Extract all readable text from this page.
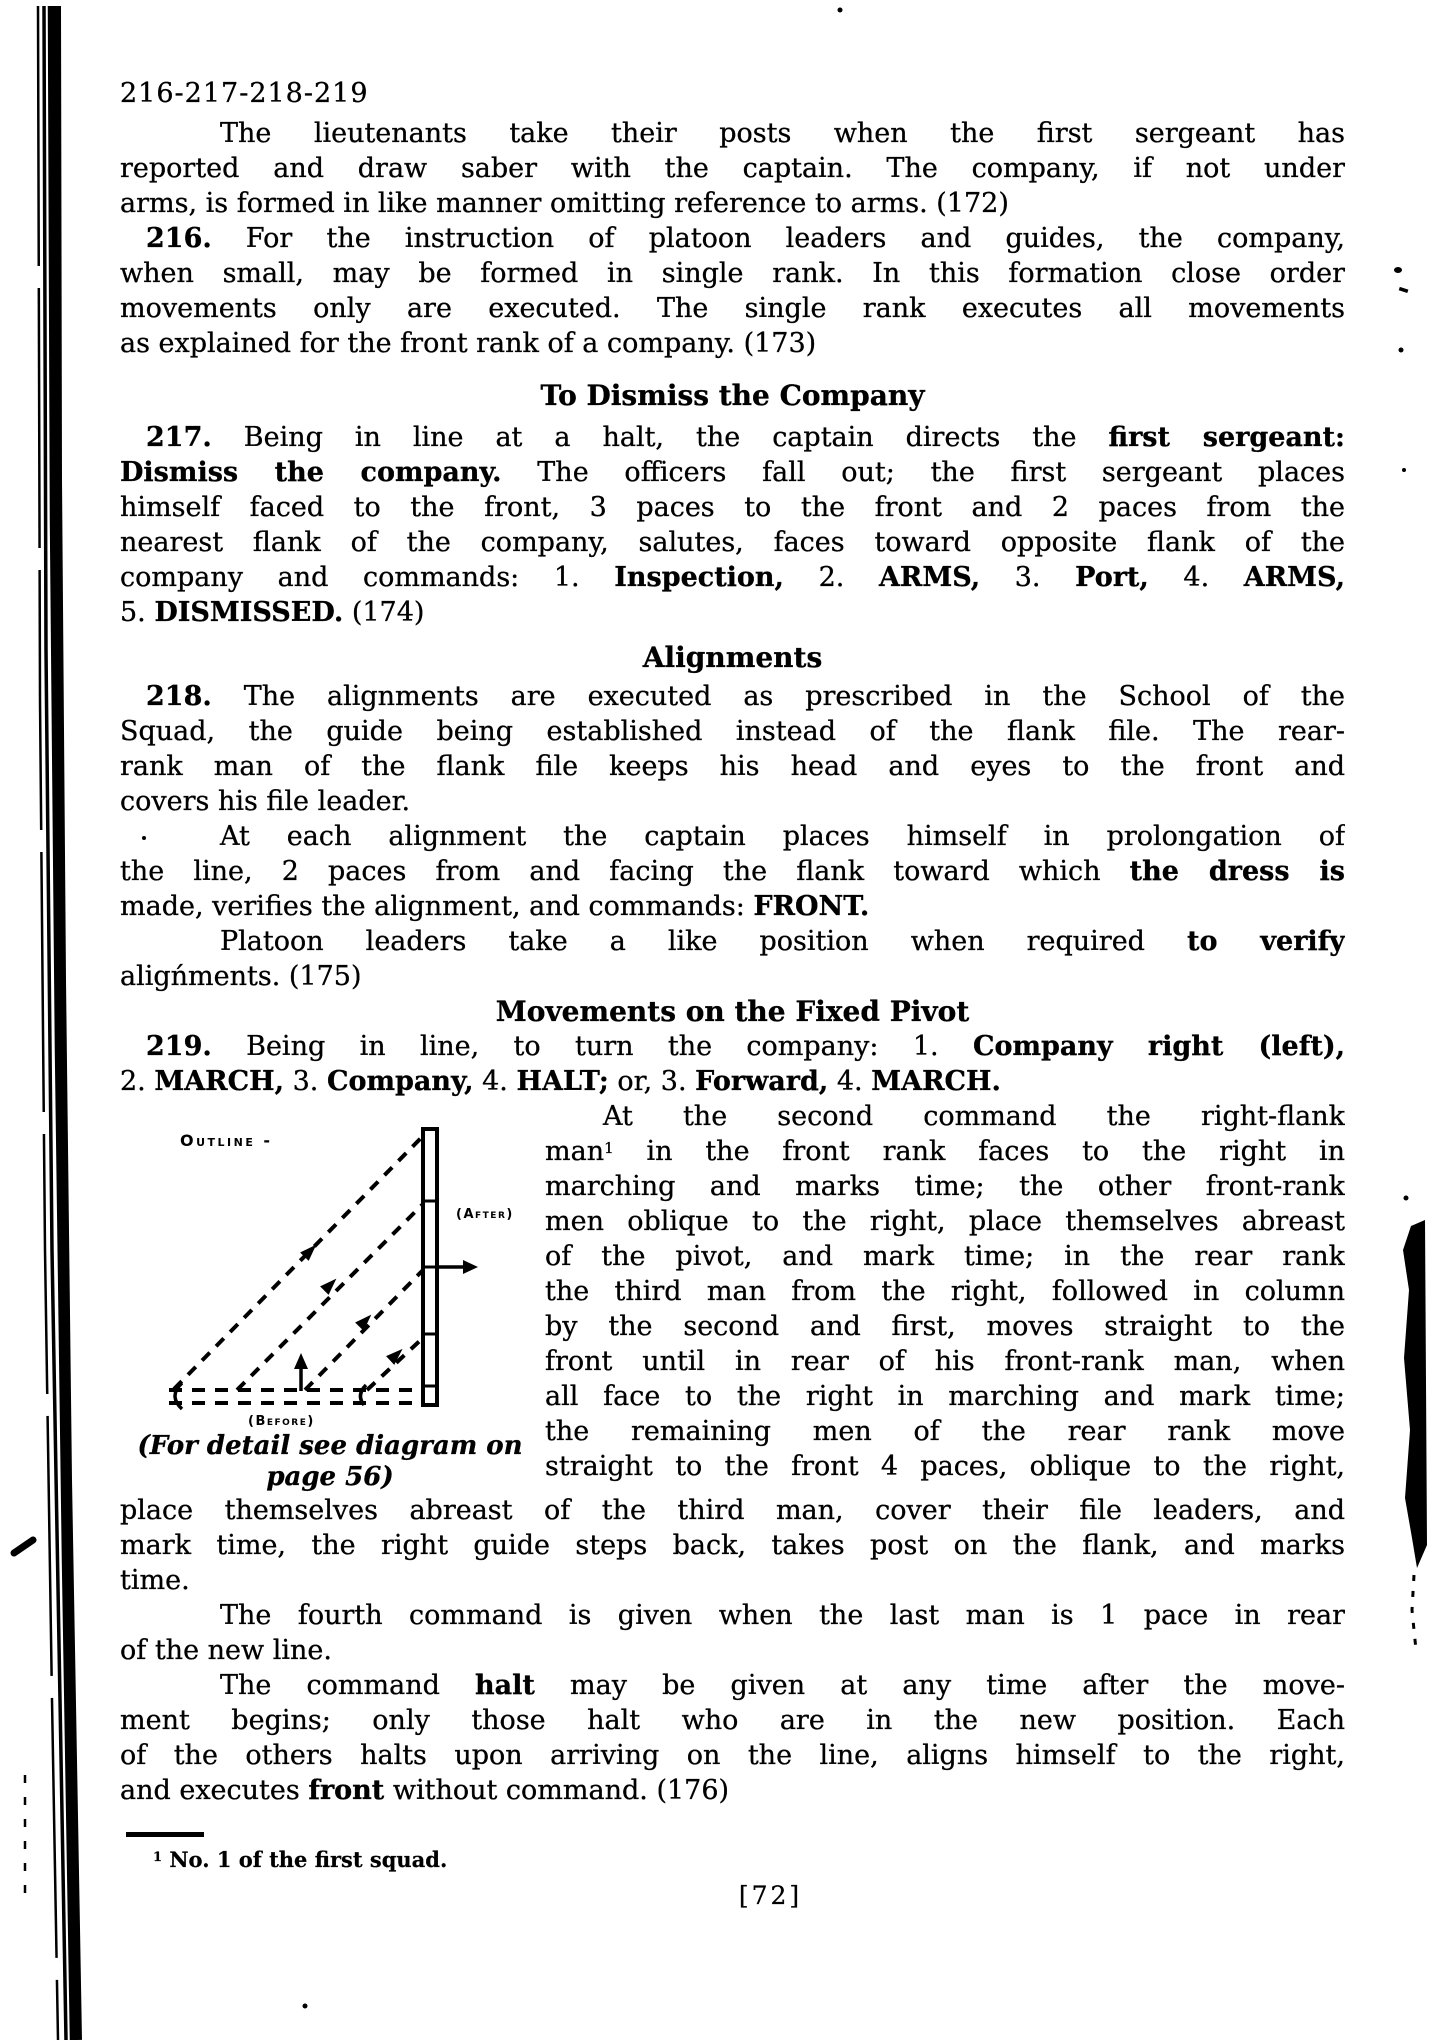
216-217-218-219
The lieutenants take their posts when the first sergeant has
reported and draw saber with the captain. The company, if not under
arms, is formed in like manner omitting reference to arms. (172)
216. For the instruction of platoon leaders and guides, the company,
when small, may be formed in single rank. In this formation close order
movements only are executed. The single rank executes all movements
as explained for the front rank of a company. (173)
To Dismiss the Company
217. Being in line at a halt, the captain directs the first sergeant:
Dismiss the company. The officers fall out; the first sergeant places
himself faced to the front, 3 paces to the front and 2 paces from the
nearest flank of the company, salutes, faces toward opposite flank of the
company and commands: 1. Inspection, 2. ARMS, 3. Port, 4. ARMS,
5. DISMISSED. (174)
Alignments
218. The alignments are executed as prescribed in the School of the
Squad, the guide being established instead of the flank file. The rear-
rank man of the flank file keeps his head and eyes to the front and
covers his file leader.
At each alignment the captain places himself in prolongation of
the line, 2 paces from and facing the flank toward which the dress is
made, verifies the alignment, and commands: FRONT.
Platoon leaders take a like position when required to verify
aligńments. (175)
Movements on the Fixed Pivot
219. Being in line, to turn the company: 1. Company right (left),
2. MARCH, 3. Company, 4. HALT; or, 3. Forward, 4. MARCH.
Outline -
(After)
(Before)
(For detail see diagram on
page 56)
At the second command the right-flank
man$^1$ in the front rank faces to the right in
marching and marks time; the other front-rank
men oblique to the right, place themselves abreast
of the pivot, and mark time; in the rear rank
the third man from the right, followed in column
by the second and first, moves straight to the
front until in rear of his front-rank man, when
all face to the right in marching and mark time;
the remaining men of the rear rank move
straight to the front 4 paces, oblique to the right,
place themselves abreast of the third man, cover their file leaders, and
mark time, the right guide steps back, takes post on the flank, and marks
time.
The fourth command is given when the last man is 1 pace in rear
of the new line.
The command halt may be given at any time after the move-
ment begins; only those halt who are in the new position. Each
of the others halts upon arriving on the line, aligns himself to the right,
and executes front without command. (176)
$^1$ No. 1 of the first squad.
[72]
